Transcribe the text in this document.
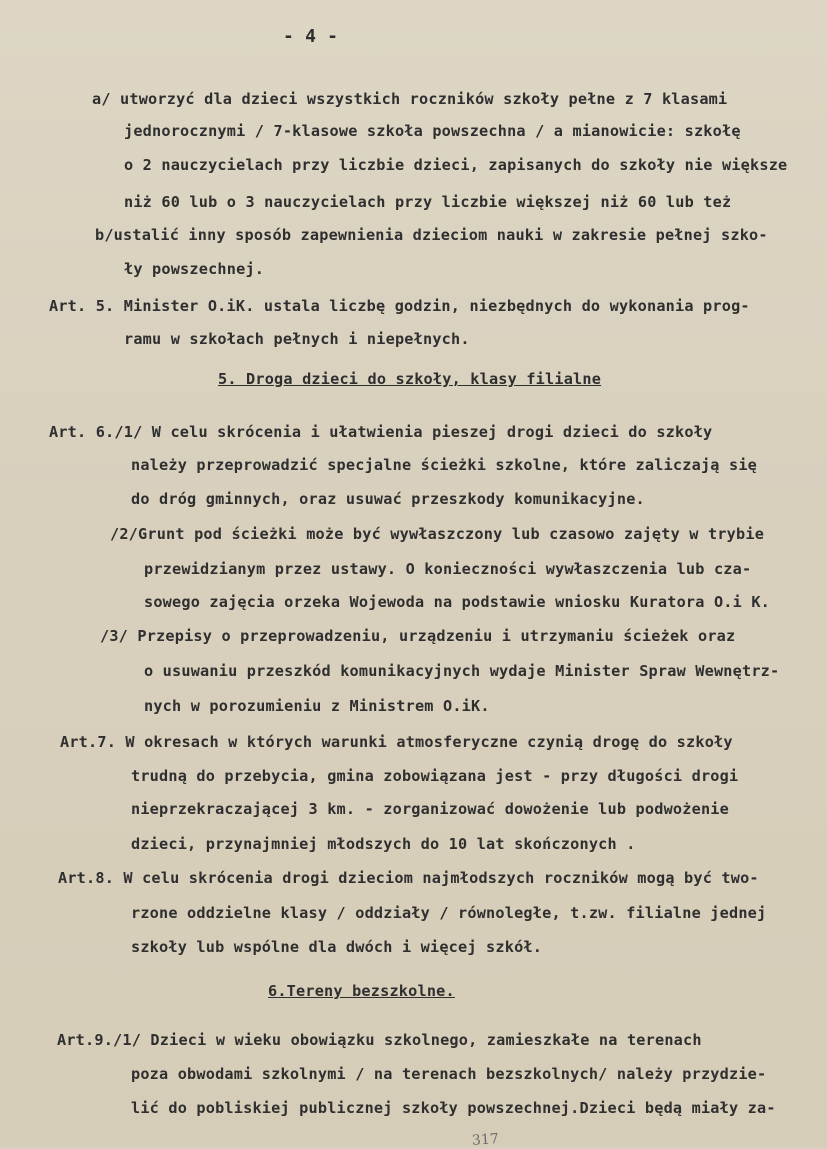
- 4 -
a/ utworzyć dla dzieci wszystkich roczników szkoły pełne z 7 klasami
jednorocznymi / 7-klasowe szkoła powszechna / a mianowicie: szkołę
o 2 nauczycielach przy liczbie dzieci, zapisanych do szkoły nie większe
niż 60 lub o 3 nauczycielach przy liczbie większej niż 60 lub też
b/ustalić inny sposób zapewnienia dzieciom nauki w zakresie pełnej szko-
ły powszechnej.
Art. 5. Minister O.iK. ustala liczbę godzin, niezbędnych do wykonania prog-
ramu w szkołach pełnych i niepełnych.
5. Droga dzieci do szkoły, klasy filialne
Art. 6./1/ W celu skrócenia i ułatwienia pieszej drogi dzieci do szkoły
należy przeprowadzić specjalne ścieżki szkolne, które zaliczają się
do dróg gminnych, oraz usuwać przeszkody komunikacyjne.
/2/Grunt pod ścieżki może być wywłaszczony lub czasowo zajęty w trybie
przewidzianym przez ustawy. O konieczności wywłaszczenia lub cza-
sowego zajęcia orzeka Wojewoda na podstawie wniosku Kuratora O.i K.
/3/ Przepisy o przeprowadzeniu, urządzeniu i utrzymaniu ścieżek oraz
o usuwaniu przeszkód komunikacyjnych wydaje Minister Spraw Wewnętrz-
nych w porozumieniu z Ministrem O.iK.
Art.7. W okresach w których warunki atmosferyczne czynią drogę do szkoły
trudną do przebycia, gmina zobowiązana jest - przy długości drogi
nieprzekraczającej 3 km. - zorganizować dowożenie lub podwożenie
dzieci, przynajmniej młodszych do 10 lat skończonych .
Art.8. W celu skrócenia drogi dzieciom najmłodszych roczników mogą być two-
rzone oddzielne klasy / oddziały / równoległe, t.zw. filialne jednej
szkoły lub wspólne dla dwóch i więcej szkół.
6.Tereny bezszkolne.
Art.9./1/ Dzieci w wieku obowiązku szkolnego, zamieszkałe na terenach
poza obwodami szkolnymi / na terenach bezszkolnych/ należy przydzie-
lić do pobliskiej publicznej szkoły powszechnej.Dzieci będą miały za-
317
